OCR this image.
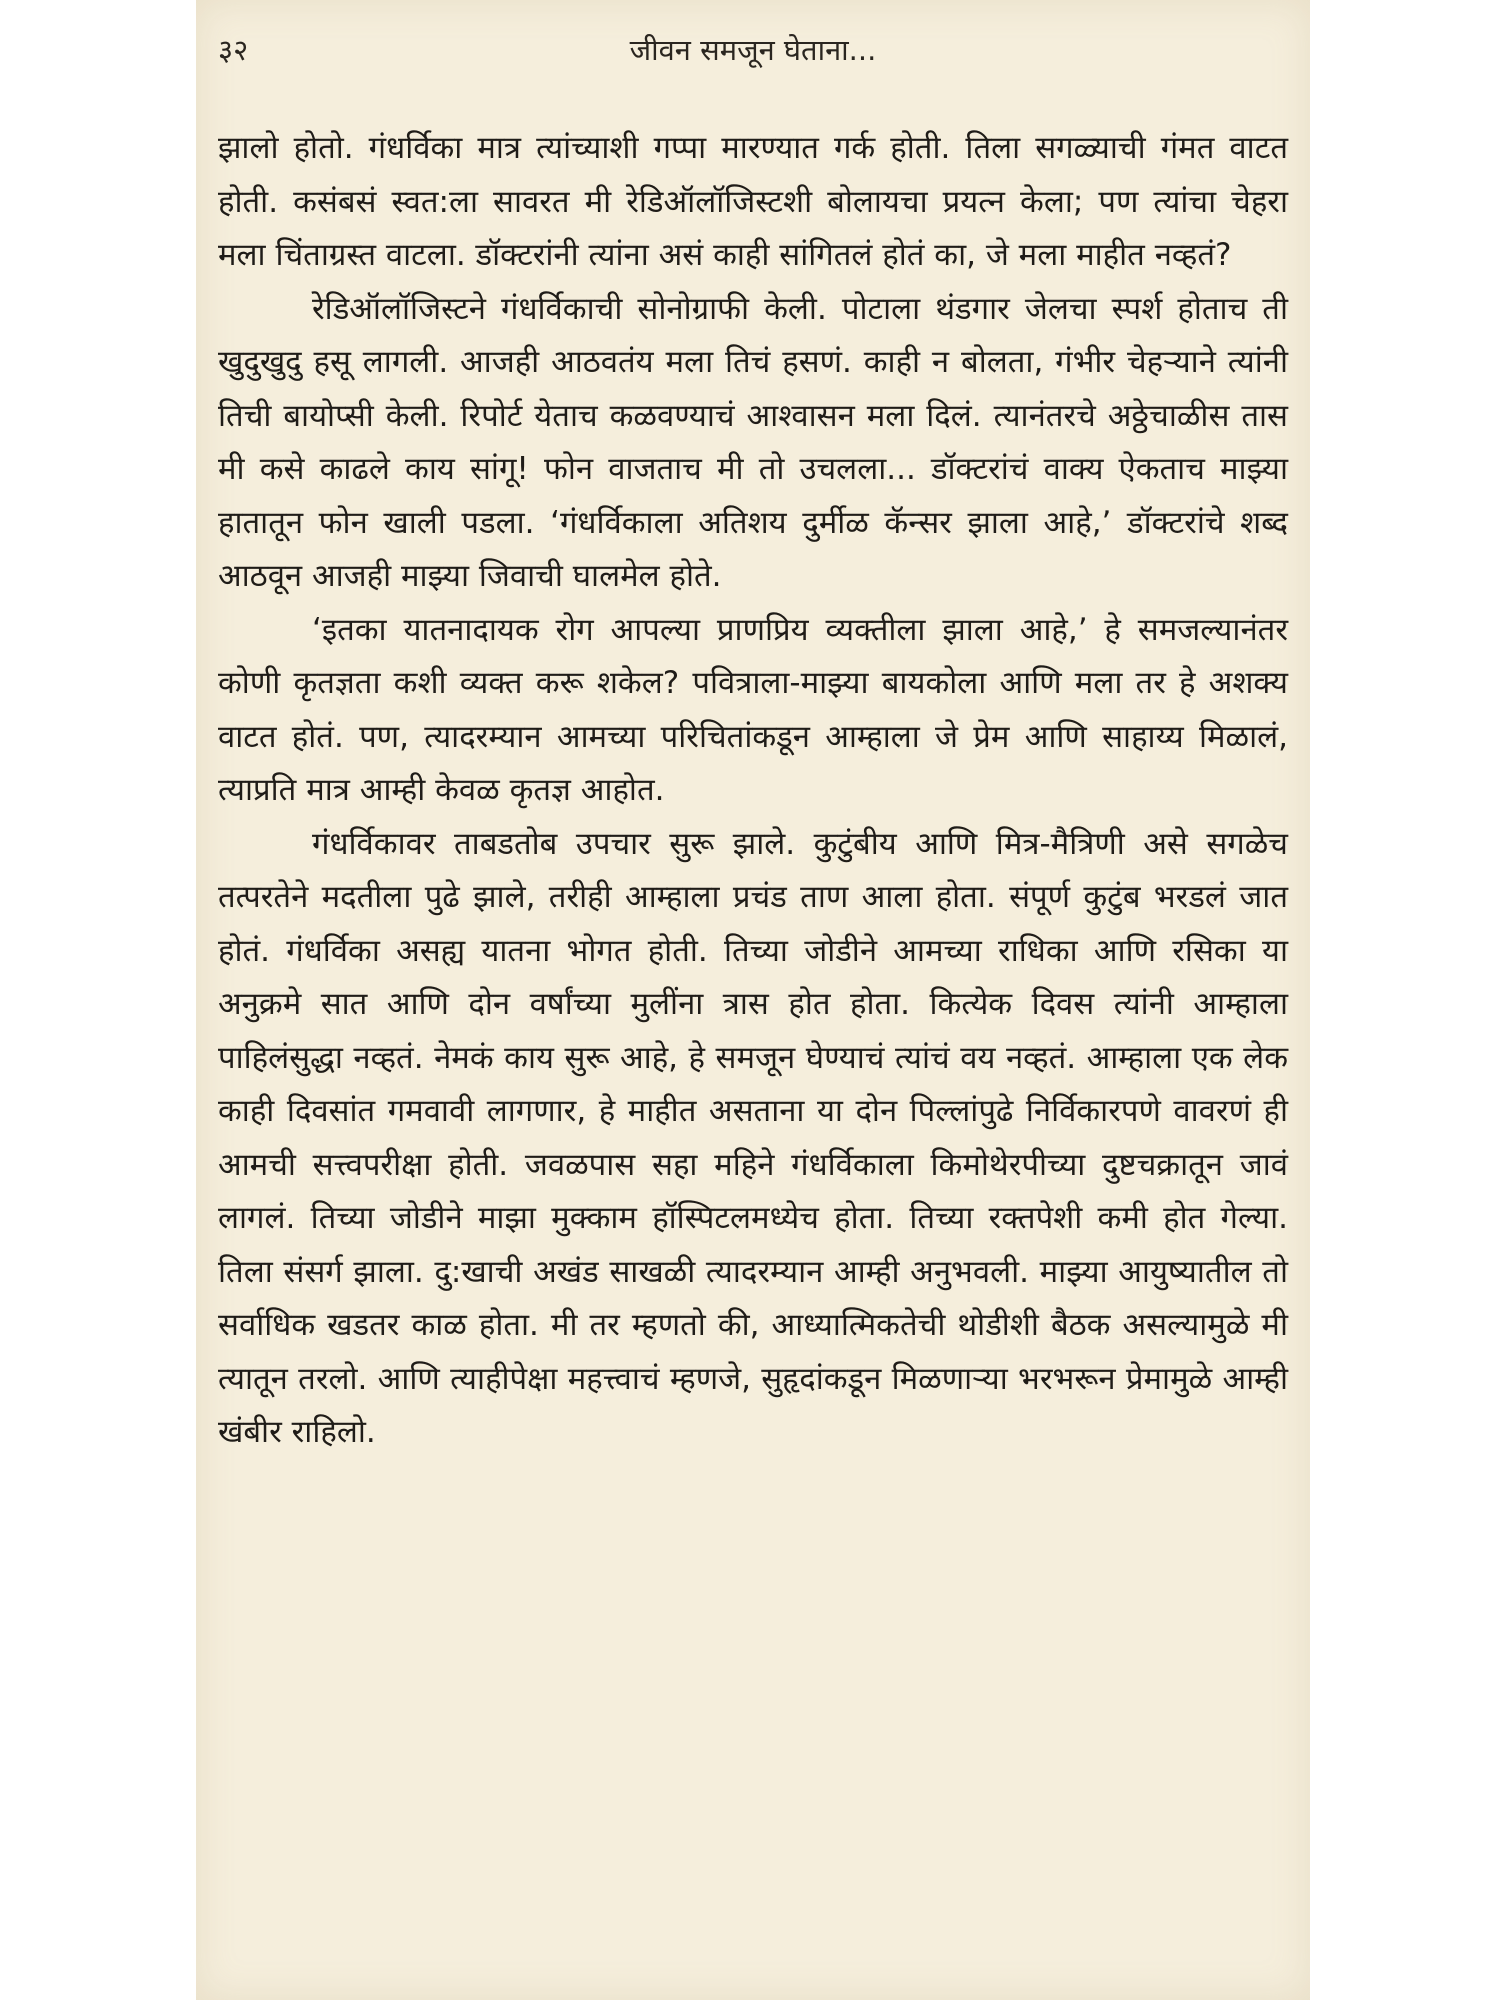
३२	जीवन समजून घेताना...

झालो होतो. गंधर्विका मात्र त्यांच्याशी गप्पा मारण्यात गर्क होती. तिला सगळ्याची गंमत वाटत होती. कसंबसं स्वत:ला सावरत मी रेडिऑलॉजिस्टशी बोलायचा प्रयत्न केला; पण त्यांचा चेहरा मला चिंताग्रस्त वाटला. डॉक्टरांनी त्यांना असं काही सांगितलं होतं का, जे मला माहीत नव्हतं?

रेडिऑलॉजिस्टने गंधर्विकाची सोनोग्राफी केली. पोटाला थंडगार जेलचा स्पर्श होताच ती खुदुखुदु हसू लागली. आजही आठवतंय मला तिचं हसणं. काही न बोलता, गंभीर चेहऱ्याने त्यांनी तिची बायोप्सी केली. रिपोर्ट येताच कळवण्याचं आश्वासन मला दिलं. त्यानंतरचे अठ्ठेचाळीस तास मी कसे काढले काय सांगू! फोन वाजताच मी तो उचलला... डॉक्टरांचं वाक्य ऐकताच माझ्या हातातून फोन खाली पडला. ‘गंधर्विकाला अतिशय दुर्मीळ कॅन्सर झाला आहे,’ डॉक्टरांचे शब्द आठवून आजही माझ्या जिवाची घालमेल होते.

‘इतका यातनादायक रोग आपल्या प्राणप्रिय व्यक्तीला झाला आहे,’ हे समजल्यानंतर कोणी कृतज्ञता कशी व्यक्त करू शकेल? पवित्राला-माझ्या बायकोला आणि मला तर हे अशक्य वाटत होतं. पण, त्यादरम्यान आमच्या परिचितांकडून आम्हाला जे प्रेम आणि साहाय्य मिळालं, त्याप्रति मात्र आम्ही केवळ कृतज्ञ आहोत.

गंधर्विकावर ताबडतोब उपचार सुरू झाले. कुटुंबीय आणि मित्र-मैत्रिणी असे सगळेच तत्परतेने मदतीला पुढे झाले, तरीही आम्हाला प्रचंड ताण आला होता. संपूर्ण कुटुंब भरडलं जात होतं. गंधर्विका असह्य यातना भोगत होती. तिच्या जोडीने आमच्या राधिका आणि रसिका या अनुक्रमे सात आणि दोन वर्षांच्या मुलींना त्रास होत होता. कित्येक दिवस त्यांनी आम्हाला पाहिलंसुद्धा नव्हतं. नेमकं काय सुरू आहे, हे समजून घेण्याचं त्यांचं वय नव्हतं. आम्हाला एक लेक काही दिवसांत गमवावी लागणार, हे माहीत असताना या दोन पिल्लांपुढे निर्विकारपणे वावरणं ही आमची सत्त्वपरीक्षा होती. जवळपास सहा महिने गंधर्विकाला किमोथेरपीच्या दुष्टचक्रातून जावं लागलं. तिच्या जोडीने माझा मुक्काम हॉस्पिटलमध्येच होता. तिच्या रक्तपेशी कमी होत गेल्या. तिला संसर्ग झाला. दु:खाची अखंड साखळी त्यादरम्यान आम्ही अनुभवली. माझ्या आयुष्यातील तो सर्वाधिक खडतर काळ होता. मी तर म्हणतो की, आध्यात्मिकतेची थोडीशी बैठक असल्यामुळे मी त्यातून तरलो. आणि त्याहीपेक्षा महत्त्वाचं म्हणजे, सुहृदांकडून मिळणाऱ्या भरभरून प्रेमामुळे आम्ही खंबीर राहिलो.
